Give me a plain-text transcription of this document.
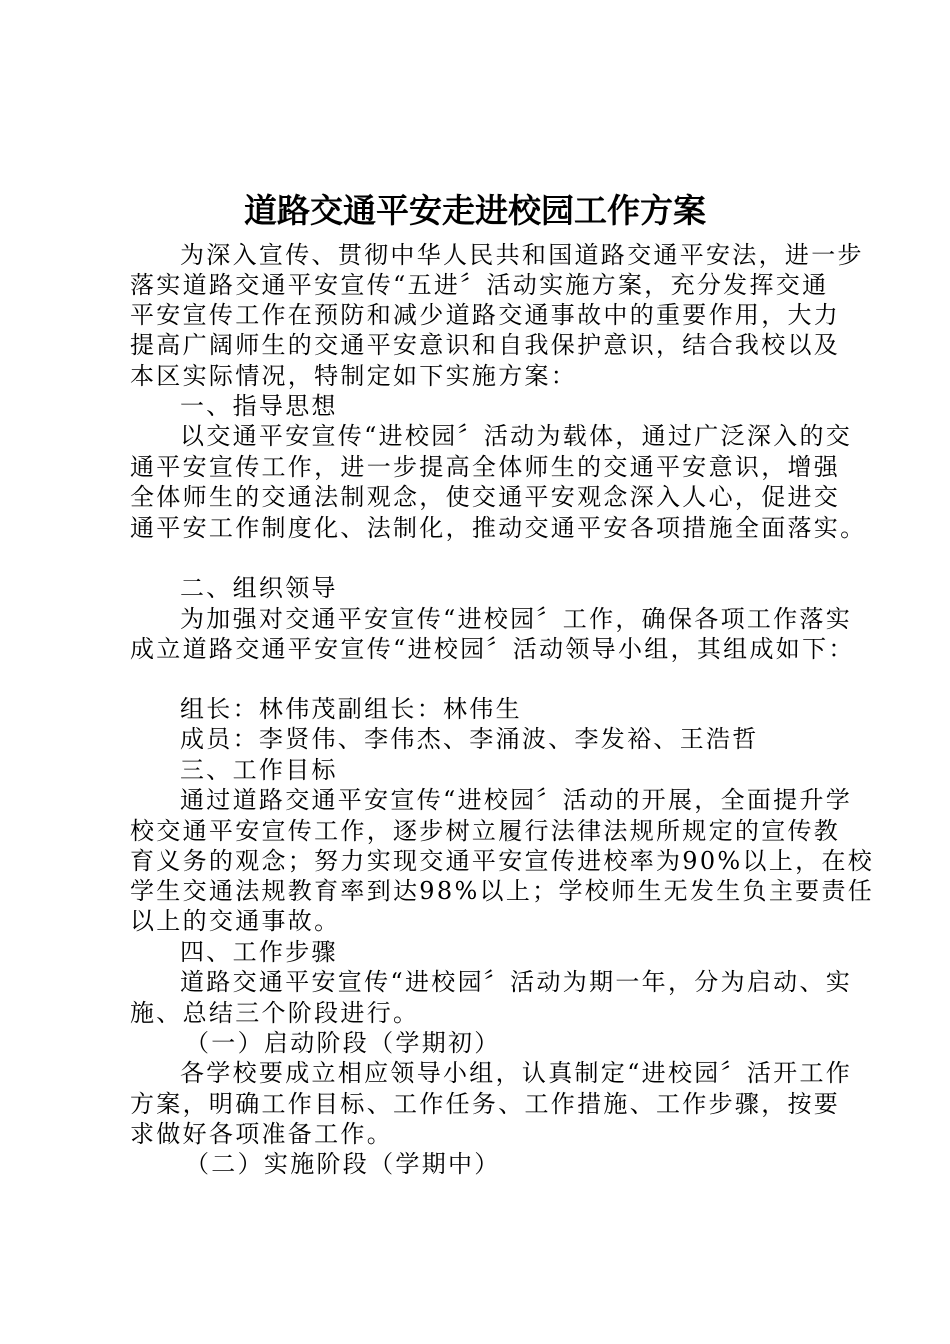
道路交通平安走进校园工作方案

为深入宣传、贯彻中华人民共和国道路交通平安法，进一步

落实道路交通平安宣传“五进〞活动实施方案，充分发挥交通

平安宣传工作在预防和减少道路交通事故中的重要作用，大力

提高广阔师生的交通平安意识和自我保护意识，结合我校以及

本区实际情况，特制定如下实施方案：

一、指导思想

以交通平安宣传“进校园〞活动为载体，通过广泛深入的交

通平安宣传工作，进一步提高全体师生的交通平安意识，增强

全体师生的交通法制观念，使交通平安观念深入人心，促进交

通平安工作制度化、法制化，推动交通平安各项措施全面落实。

二、组织领导

为加强对交通平安宣传“进校园〞工作，确保各项工作落实

成立道路交通平安宣传“进校园〞活动领导小组，其组成如下：

组长：林伟茂副组长：林伟生

成员：李贤伟、李伟杰、李涌波、李发裕、王浩哲

三、工作目标

通过道路交通平安宣传“进校园〞活动的开展，全面提升学

校交通平安宣传工作，逐步树立履行法律法规所规定的宣传教

育义务的观念；努力实现交通平安宣传进校率为90%以上，在校

学生交通法规教育率到达98%以上；学校师生无发生负主要责任

以上的交通事故。

四、工作步骤

道路交通平安宣传“进校园〞活动为期一年，分为启动、实

施、总结三个阶段进行。

（一）启动阶段（学期初）

各学校要成立相应领导小组，认真制定“进校园〞活开工作

方案，明确工作目标、工作任务、工作措施、工作步骤，按要

求做好各项准备工作。

（二）实施阶段（学期中）
